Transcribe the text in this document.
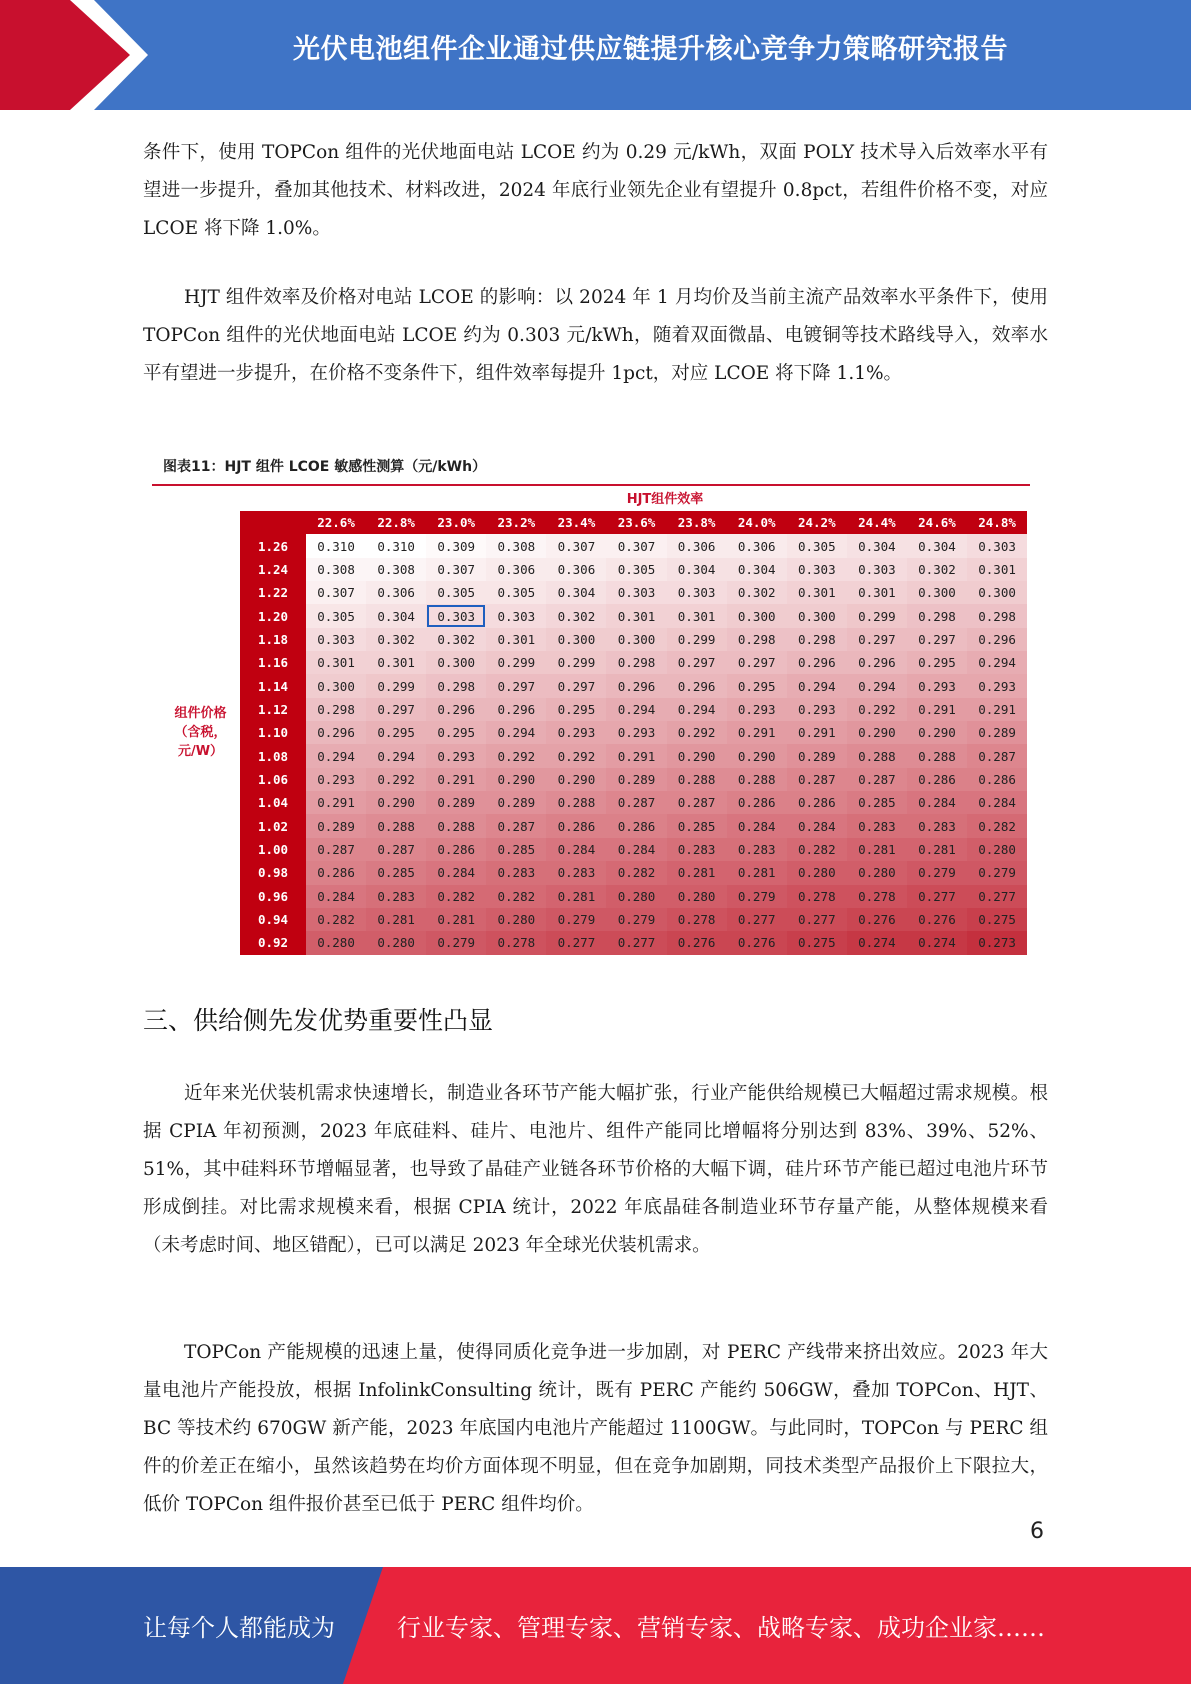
光伏电池组件企业通过供应链提升核心竞争力策略研究报告

条件下，使用 TOPCon 组件的光伏地面电站 LCOE 约为 0.29 元/kWh，双面 POLY 技术导入后效率水平有望进一步提升，叠加其他技术、材料改进，2024 年底行业领先企业有望提升 0.8pct，若组件价格不变，对应 LCOE 将下降 1.0%。

HJT 组件效率及价格对电站 LCOE 的影响：以 2024 年 1 月均价及当前主流产品效率水平条件下，使用 TOPCon 组件的光伏地面电站 LCOE 约为 0.303 元/kWh，随着双面微晶、电镀铜等技术路线导入，效率水平有望进一步提升，在价格不变条件下，组件效率每提升 1pct，对应 LCOE 将下降 1.1%。

图表11：HJT 组件 LCOE 敏感性测算（元/kWh）
HJT组件效率
组件价格
（含税，
元/W）
	22.6%	22.8%	23.0%	23.2%	23.4%	23.6%	23.8%	24.0%	24.2%	24.4%	24.6%	24.8%
1.26	0.310	0.310	0.309	0.308	0.307	0.307	0.306	0.306	0.305	0.304	0.304	0.303
1.24	0.308	0.308	0.307	0.306	0.306	0.305	0.304	0.304	0.303	0.303	0.302	0.301
1.22	0.307	0.306	0.305	0.305	0.304	0.303	0.303	0.302	0.301	0.301	0.300	0.300
1.20	0.305	0.304	0.303	0.303	0.302	0.301	0.301	0.300	0.300	0.299	0.298	0.298
1.18	0.303	0.302	0.302	0.301	0.300	0.300	0.299	0.298	0.298	0.297	0.297	0.296
1.16	0.301	0.301	0.300	0.299	0.299	0.298	0.297	0.297	0.296	0.296	0.295	0.294
1.14	0.300	0.299	0.298	0.297	0.297	0.296	0.296	0.295	0.294	0.294	0.293	0.293
1.12	0.298	0.297	0.296	0.296	0.295	0.294	0.294	0.293	0.293	0.292	0.291	0.291
1.10	0.296	0.295	0.295	0.294	0.293	0.293	0.292	0.291	0.291	0.290	0.290	0.289
1.08	0.294	0.294	0.293	0.292	0.292	0.291	0.290	0.290	0.289	0.288	0.288	0.287
1.06	0.293	0.292	0.291	0.290	0.290	0.289	0.288	0.288	0.287	0.287	0.286	0.286
1.04	0.291	0.290	0.289	0.289	0.288	0.287	0.287	0.286	0.286	0.285	0.284	0.284
1.02	0.289	0.288	0.288	0.287	0.286	0.286	0.285	0.284	0.284	0.283	0.283	0.282
1.00	0.287	0.287	0.286	0.285	0.284	0.284	0.283	0.283	0.282	0.281	0.281	0.280
0.98	0.286	0.285	0.284	0.283	0.283	0.282	0.281	0.281	0.280	0.280	0.279	0.279
0.96	0.284	0.283	0.282	0.282	0.281	0.280	0.280	0.279	0.278	0.278	0.277	0.277
0.94	0.282	0.281	0.281	0.280	0.279	0.279	0.278	0.277	0.277	0.276	0.276	0.275
0.92	0.280	0.280	0.279	0.278	0.277	0.277	0.276	0.276	0.275	0.274	0.274	0.273
三、供给侧先发优势重要性凸显

近年来光伏装机需求快速增长，制造业各环节产能大幅扩张，行业产能供给规模已大幅超过需求规模。根据 CPIA 年初预测，2023 年底硅料、硅片、电池片、组件产能同比增幅将分别达到 83%、39%、52%、51%，其中硅料环节增幅显著，也导致了晶硅产业链各环节价格的大幅下调，硅片环节产能已超过电池片环节形成倒挂。对比需求规模来看，根据 CPIA 统计，2022 年底晶硅各制造业环节存量产能，从整体规模来看（未考虑时间、地区错配），已可以满足 2023 年全球光伏装机需求。

TOPCon 产能规模的迅速上量，使得同质化竞争进一步加剧，对 PERC 产线带来挤出效应。2023 年大量电池片产能投放，根据 InfolinkConsulting 统计，既有 PERC 产能约 506GW，叠加 TOPCon、HJT、BC 等技术约 670GW 新产能，2023 年底国内电池片产能超过 1100GW。与此同时，TOPCon 与 PERC 组件的价差正在缩小，虽然该趋势在均价方面体现不明显，但在竞争加剧期，同技术类型产品报价上下限拉大，低价 TOPCon 组件报价甚至已低于 PERC 组件均价。

6
让每个人都能成为	行业专家、管理专家、营销专家、战略专家、成功企业家……
